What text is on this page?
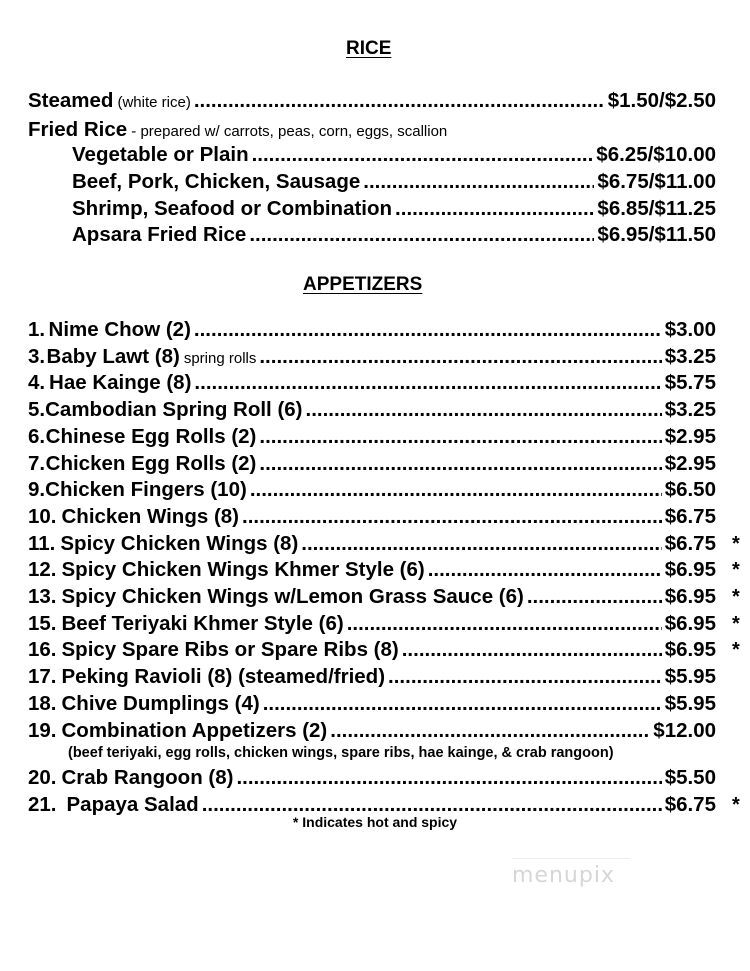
RICE
Steamed (white rice) .....	$1.50/$2.50
Fried Rice - prepared w/ carrots, peas, corn, eggs, scallion
Vegetable or Plain .....	$6.25/$10.00
Beef, Pork, Chicken, Sausage .....	$6.75/$11.00
Shrimp, Seafood or Combination .....	$6.85/$11.25
Apsara Fried Rice .....	$6.95/$11.50
APPETIZERS
1. Nime Chow (2) .....	$3.00
3. Baby Lawt (8) spring rolls .....	$3.25
4. Hae Kainge (8) .....	$5.75
5. Cambodian Spring Roll (6) .....	$3.25
6. Chinese Egg Rolls (2) .....	$2.95
7. Chicken Egg Rolls (2) .....	$2.95
9. Chicken Fingers (10) .....	$6.50
10. Chicken Wings (8) .....	$6.75
11. Spicy Chicken Wings (8) .....	$6.75 *
12. Spicy Chicken Wings Khmer Style (6) .....	$6.95 *
13. Spicy Chicken Wings w/Lemon Grass Sauce (6) .....	$6.95 *
15. Beef Teriyaki Khmer Style (6) .....	$6.95 *
16. Spicy Spare Ribs or Spare Ribs (8) .....	$6.95 *
17. Peking Ravioli (8) (steamed/fried) .....	$5.95
18. Chive Dumplings (4) .....	$5.95
19. Combination Appetizers (2) .....	$12.00
20. Crab Rangoon (8) .....	$5.50
21. Papaya Salad .....	$6.75 *
(beef teriyaki, egg rolls, chicken wings, spare ribs, hae kainge, & crab rangoon)
* Indicates hot and spicy
menupix
